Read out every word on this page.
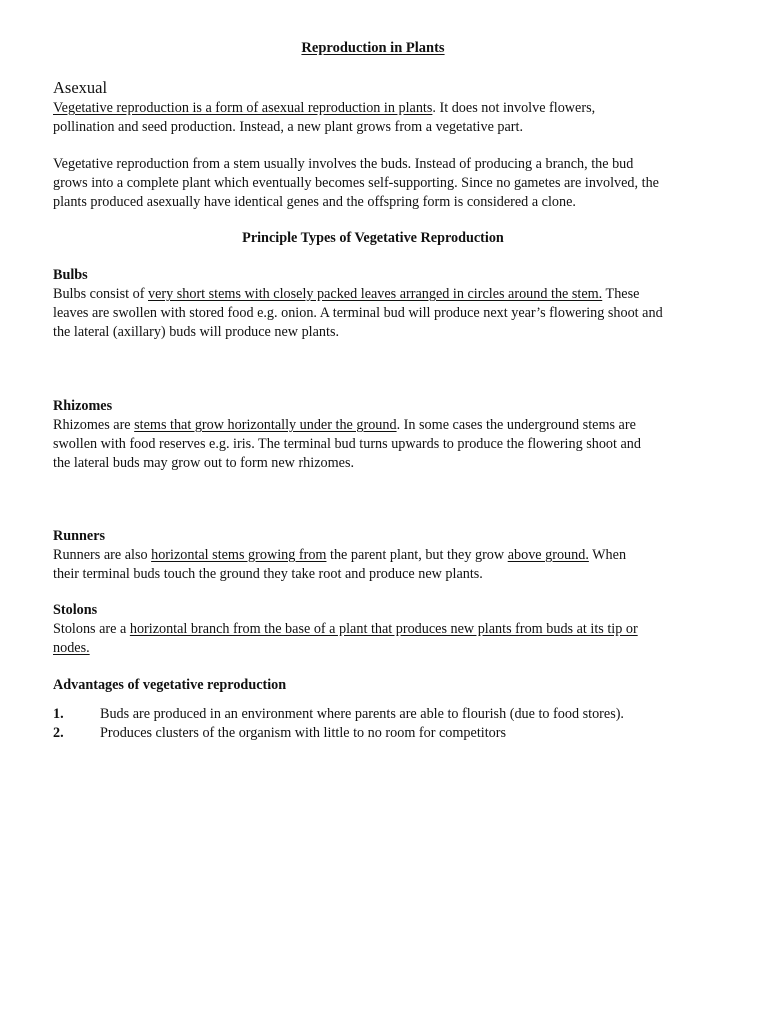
Reproduction in Plants
Asexual

Vegetative reproduction is a form of asexual reproduction in plants. It does not involve flowers,
pollination and seed production. Instead, a new plant grows from a vegetative part.

Vegetative reproduction from a stem usually involves the buds. Instead of producing a branch, the bud
grows into a complete plant which eventually becomes self-supporting. Since no gametes are involved, the
plants produced asexually have identical genes and the offspring form is considered a clone.

Principle Types of Vegetative Reproduction
Bulbs

Bulbs consist of very short stems with closely packed leaves arranged in circles around the stem. These
leaves are swollen with stored food e.g. onion. A terminal bud will produce next year’s flowering shoot and
the lateral (axillary) buds will produce new plants.

Rhizomes

Rhizomes are stems that grow horizontally under the ground. In some cases the underground stems are
swollen with food reserves e.g. iris. The terminal bud turns upwards to produce the flowering shoot and
the lateral buds may grow out to form new rhizomes.

Runners

Runners are also horizontal stems growing from the parent plant, but they grow above ground. When
their terminal buds touch the ground they take root and produce new plants.

Stolons

Stolons are a horizontal branch from the base of a plant that produces new plants from buds at its tip or
nodes.

Advantages of vegetative reproduction
1.	Buds are produced in an environment where parents are able to flourish (due to food stores).
2.	Produces clusters of the organism with little to no room for competitors
